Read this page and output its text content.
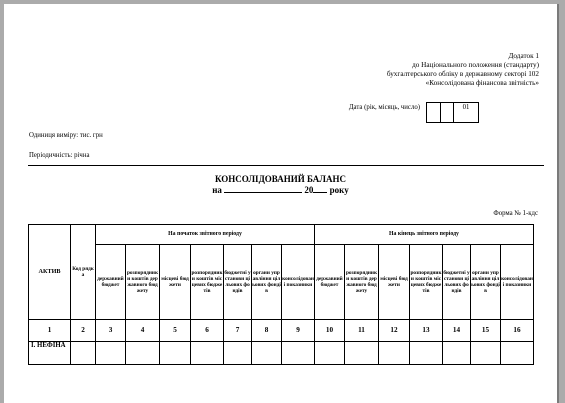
Додаток 1
до Національного положення (стандарту)
бухгалтерського обліку в державному секторі 102
«Консолідована фінансова звітність»
Дата (рік, місяць, число)	01
Одиниця виміру: тис. грн
Періодичність: річна
КОНСОЛІДОВАНИЙ БАЛАНС
на	20 року
Форма № 1-кдс
АКТИВ	Код рядка	На початок звітного періоду							На кінець звітного періоду						
		державний бюджет	розпорядники коштів державного бюджету	місцеві бюджети	розпорядники коштів місцевих бюджетів	бюджетні установи цільових фондів	органи управління цільових фондів	консолідовані показники	державний бюджет	розпорядники коштів державного бюджету	місцеві бюджети	розпорядники коштів місцевих бюджетів	бюджетні установи цільових фондів	органи управління цільових фондів	консолідовані показники
1	2	3	4	5	6	7	8	9	10	11	12	13	14	15	16
І. НЕФІНА															
